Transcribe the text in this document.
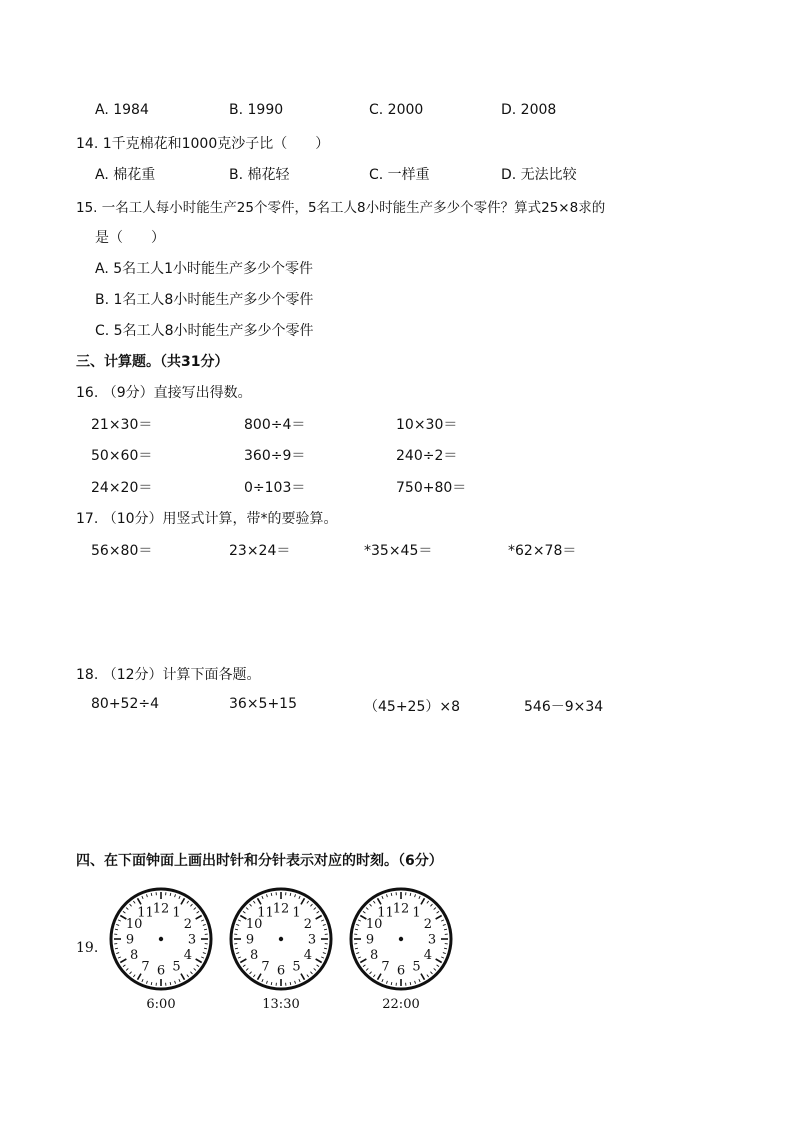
A. 1984	B. 1990	C. 2000	D. 2008
14. 1千克棉花和1000克沙子比（　　）
A. 棉花重	B. 棉花轻	C. 一样重	D. 无法比较
15. 一名工人每小时能生产25个零件，5名工人8小时能生产多少个零件？算式25×8求的
是（　　）
A. 5名工人1小时能生产多少个零件
B. 1名工人8小时能生产多少个零件
C. 5名工人8小时能生产多少个零件
三、计算题。（共31分）
16. （9分）直接写出得数。
21×30＝	800÷4＝	10×30＝
50×60＝	360÷9＝	240÷2＝
24×20＝	0÷103＝	750+80＝
17. （10分）用竖式计算，带*的要验算。
56×80＝	23×24＝	*35×45＝	*62×78＝
18. （12分）计算下面各题。
80+52÷4	36×5+15	（45+25）×8	546－9×34
四、在下面钟面上画出时针和分针表示对应的时刻。（6分）
19.
12 1
2
3
4
5
6
7
8
9
10
11	12 1
2
3
4
5
6
7
8
9
10
11	12 1
2
3
4
5
6
7
8
9
10
11
6:00	13:30	22:00
